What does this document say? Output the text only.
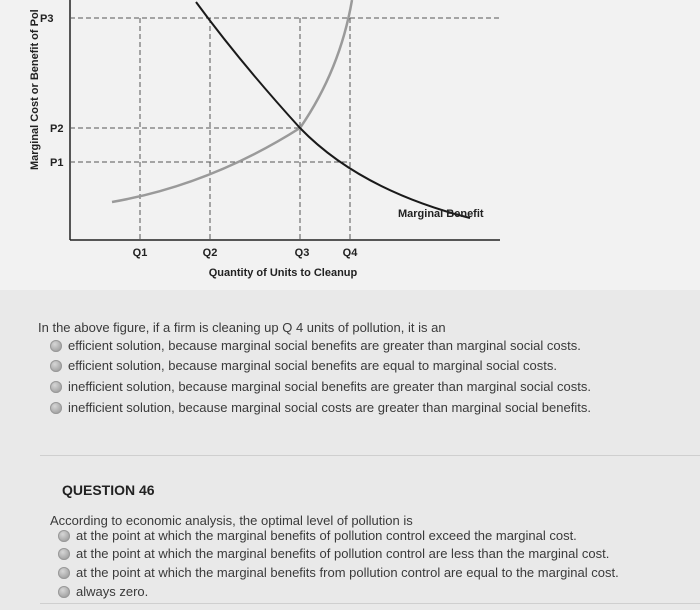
Marginal Cost or Benefit of Pol P3
P2
P1
Q1	Q2	Q3	Q4
Quantity of Units to Cleanup
Marginal Benefit
In the above figure, if a firm is cleaning up Q 4 units of pollution, it is an
efficient solution, because marginal social benefits are greater than marginal social costs.
efficient solution, because marginal social benefits are equal to marginal social costs.
inefficient solution, because marginal social benefits are greater than marginal social costs.
inefficient solution, because marginal social costs are greater than marginal social benefits.
QUESTION 46
According to economic analysis, the optimal level of pollution is
at the point at which the marginal benefits of pollution control exceed the marginal cost.
at the point at which the marginal benefits of pollution control are less than the marginal cost.
at the point at which the marginal benefits from pollution control are equal to the marginal cost.
always zero.
